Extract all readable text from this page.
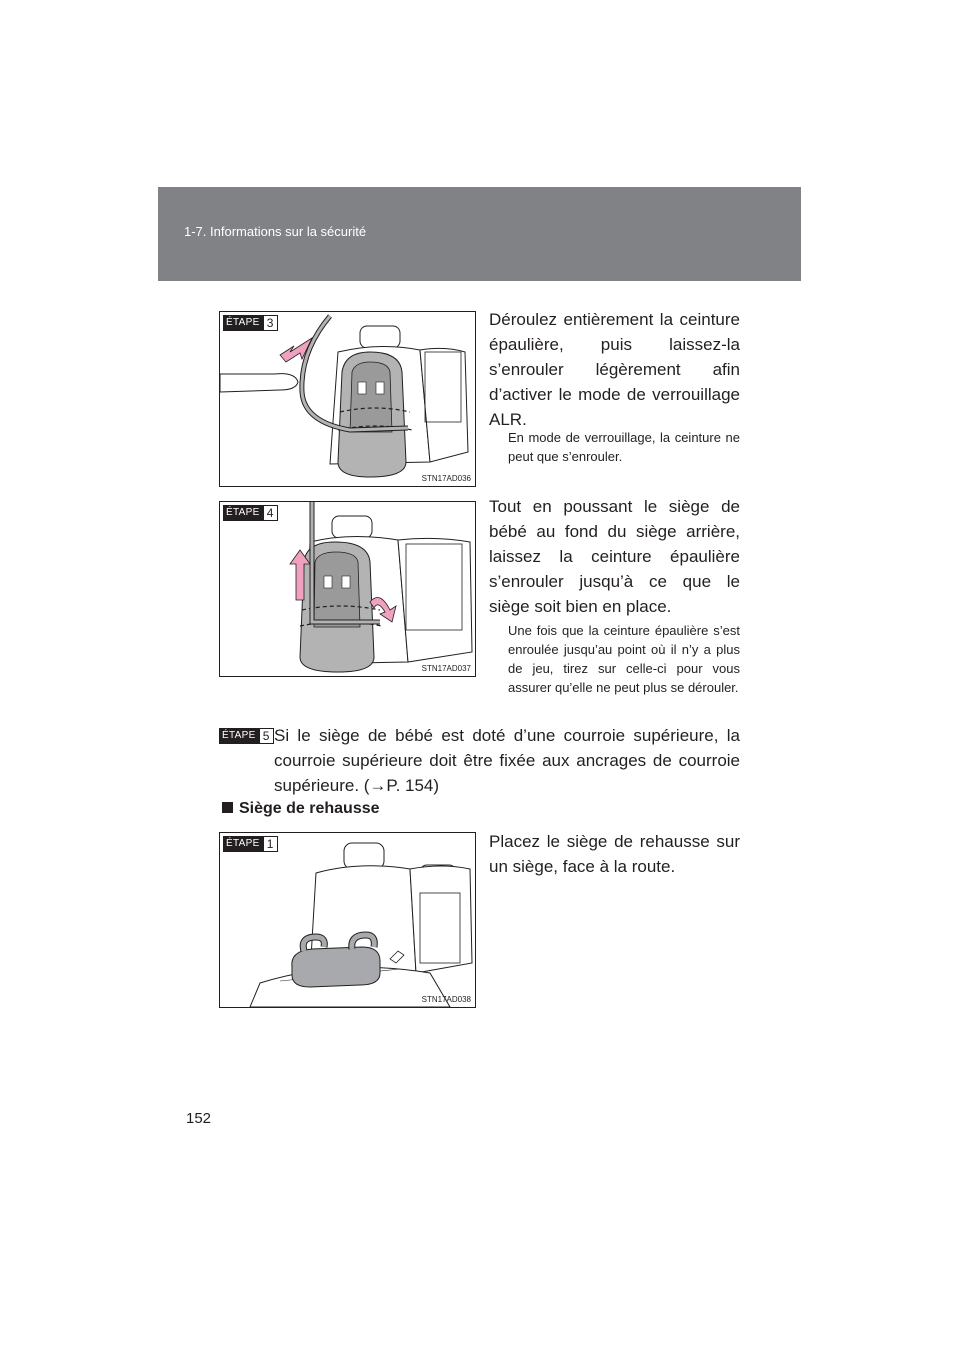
1-7. Informations sur la sécurité
ÉTAPE 3
STN17AD036
Déroulez entièrement la ceinture épaulière, puis laissez-la s’enrouler légèrement afin d’activer le mode de verrouillage ALR.
En mode de verrouillage, la ceinture ne peut que s’enrouler.
ÉTAPE 4
STN17AD037
Tout en poussant le siège de bébé au fond du siège arrière, laissez la ceinture épaulière s’enrouler jusqu’à ce que le siège soit bien en place.
Une fois que la ceinture épaulière s’est enroulée jusqu’au point où il n’y a plus de jeu, tirez sur celle-ci pour vous assurer qu’elle ne peut plus se dérouler.
ÉTAPE 5 Si le siège de bébé est doté d’une courroie supérieure, la courroie supérieure doit être fixée aux ancrages de courroie supérieure. (→P. 154)
Siège de rehausse
ÉTAPE 1
STN17AD038
Placez le siège de rehausse sur un siège, face à la route.
152
